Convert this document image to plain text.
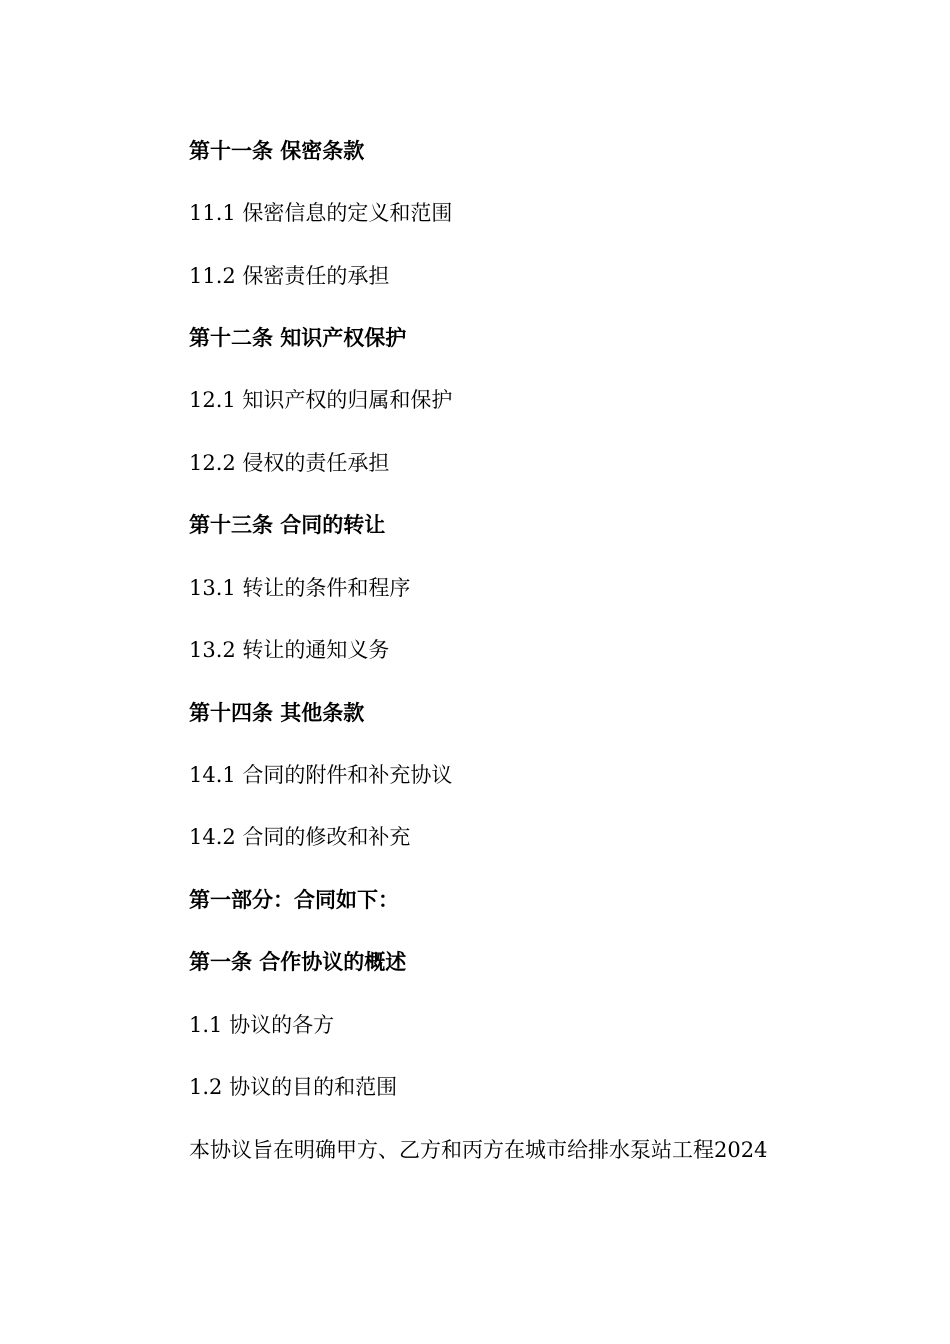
第十一条 保密条款
11.1 保密信息的定义和范围
11.2 保密责任的承担
第十二条 知识产权保护
12.1 知识产权的归属和保护
12.2 侵权的责任承担
第十三条 合同的转让
13.1 转让的条件和程序
13.2 转让的通知义务
第十四条 其他条款
14.1 合同的附件和补充协议
14.2 合同的修改和补充
第一部分：合同如下：
第一条 合作协议的概述
1.1 协议的各方
1.2 协议的目的和范围
本协议旨在明确甲方、乙方和丙方在城市给排水泵站工程2024
